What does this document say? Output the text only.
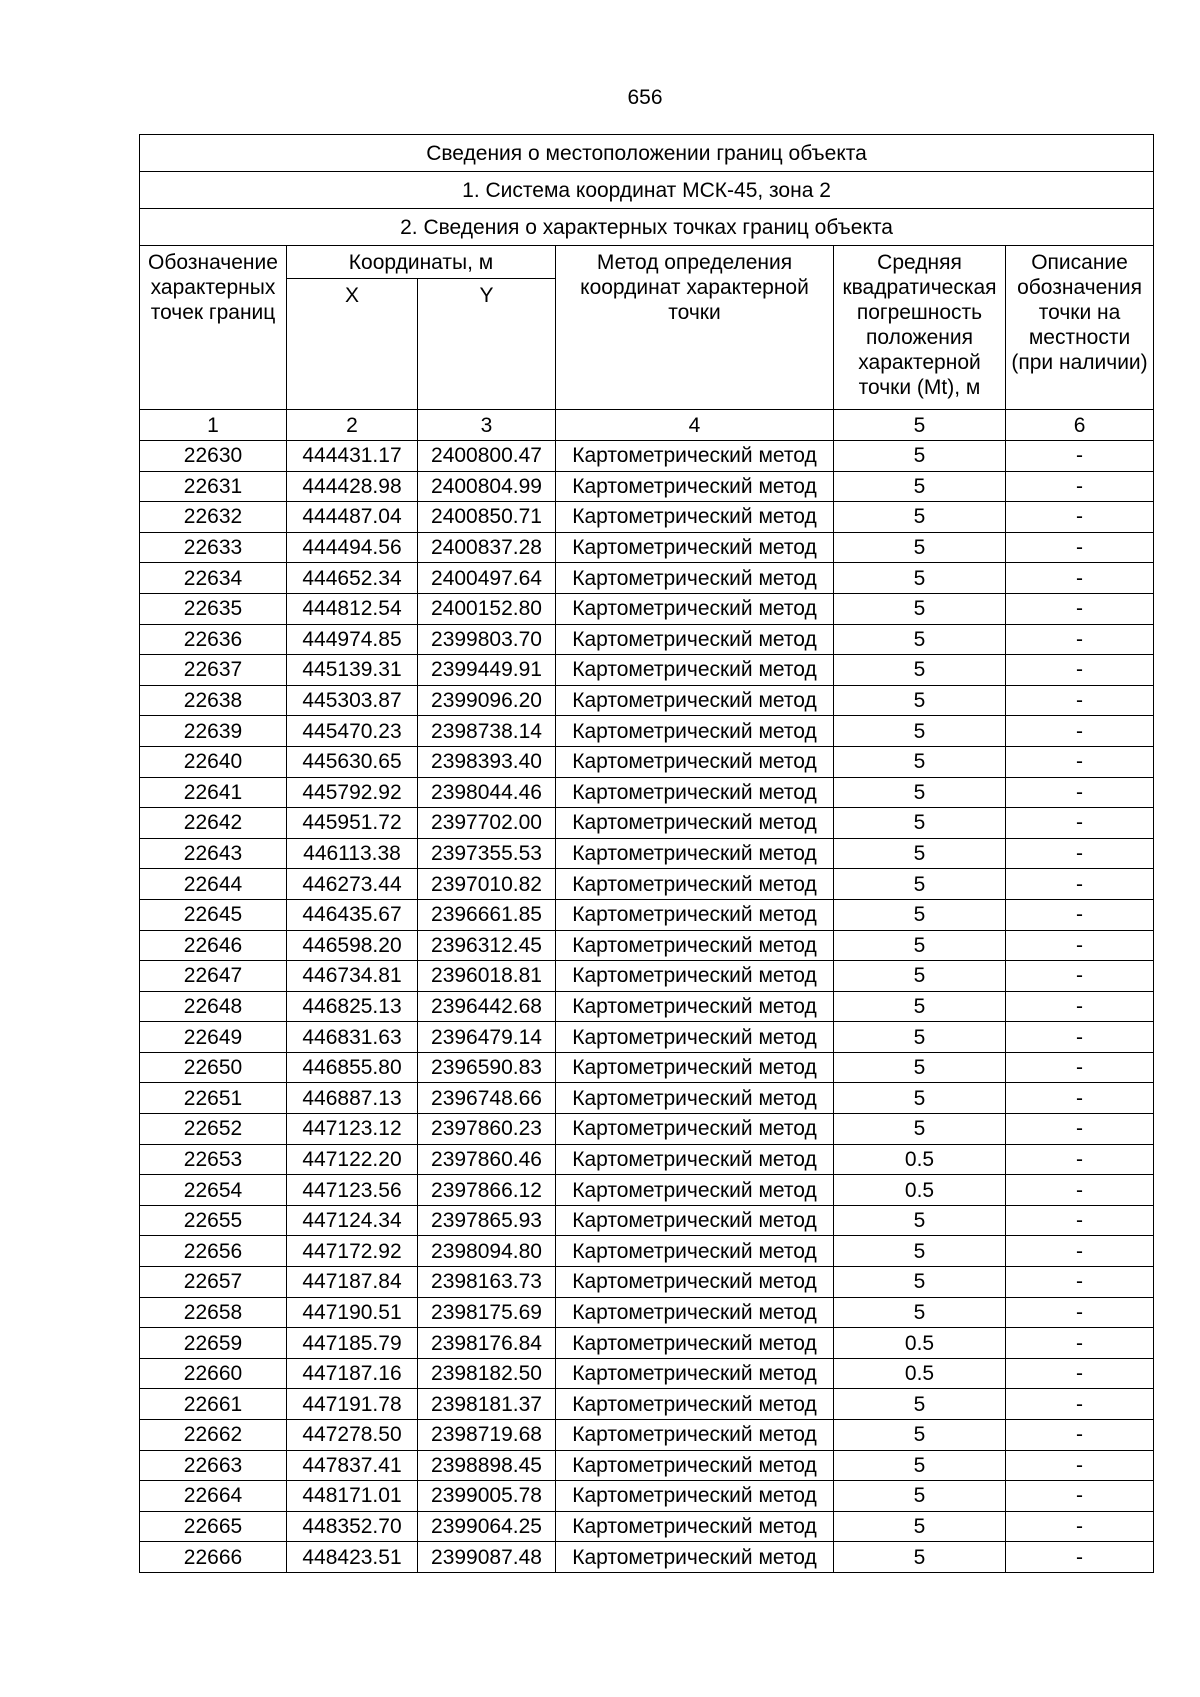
656
Сведения о местоположении границ объекта					
1. Система координат МСК-45, зона 2					
2. Сведения о характерных точках границ объекта					
Обозначение характерных точек границ	Координаты, м		Метод определения координат характерной точки	Средняя квадратическая погрешность положения характерной точки (Mt), м	Описание обозначения точки на местности (при наличии)
	X	Y			
1	2	3	4	5	6
22630	444431.17	2400800.47	Картометрический метод	5	-
22631	444428.98	2400804.99	Картометрический метод	5	-
22632	444487.04	2400850.71	Картометрический метод	5	-
22633	444494.56	2400837.28	Картометрический метод	5	-
22634	444652.34	2400497.64	Картометрический метод	5	-
22635	444812.54	2400152.80	Картометрический метод	5	-
22636	444974.85	2399803.70	Картометрический метод	5	-
22637	445139.31	2399449.91	Картометрический метод	5	-
22638	445303.87	2399096.20	Картометрический метод	5	-
22639	445470.23	2398738.14	Картометрический метод	5	-
22640	445630.65	2398393.40	Картометрический метод	5	-
22641	445792.92	2398044.46	Картометрический метод	5	-
22642	445951.72	2397702.00	Картометрический метод	5	-
22643	446113.38	2397355.53	Картометрический метод	5	-
22644	446273.44	2397010.82	Картометрический метод	5	-
22645	446435.67	2396661.85	Картометрический метод	5	-
22646	446598.20	2396312.45	Картометрический метод	5	-
22647	446734.81	2396018.81	Картометрический метод	5	-
22648	446825.13	2396442.68	Картометрический метод	5	-
22649	446831.63	2396479.14	Картометрический метод	5	-
22650	446855.80	2396590.83	Картометрический метод	5	-
22651	446887.13	2396748.66	Картометрический метод	5	-
22652	447123.12	2397860.23	Картометрический метод	5	-
22653	447122.20	2397860.46	Картометрический метод	0.5	-
22654	447123.56	2397866.12	Картометрический метод	0.5	-
22655	447124.34	2397865.93	Картометрический метод	5	-
22656	447172.92	2398094.80	Картометрический метод	5	-
22657	447187.84	2398163.73	Картометрический метод	5	-
22658	447190.51	2398175.69	Картометрический метод	5	-
22659	447185.79	2398176.84	Картометрический метод	0.5	-
22660	447187.16	2398182.50	Картометрический метод	0.5	-
22661	447191.78	2398181.37	Картометрический метод	5	-
22662	447278.50	2398719.68	Картометрический метод	5	-
22663	447837.41	2398898.45	Картометрический метод	5	-
22664	448171.01	2399005.78	Картометрический метод	5	-
22665	448352.70	2399064.25	Картометрический метод	5	-
22666	448423.51	2399087.48	Картометрический метод	5	-
